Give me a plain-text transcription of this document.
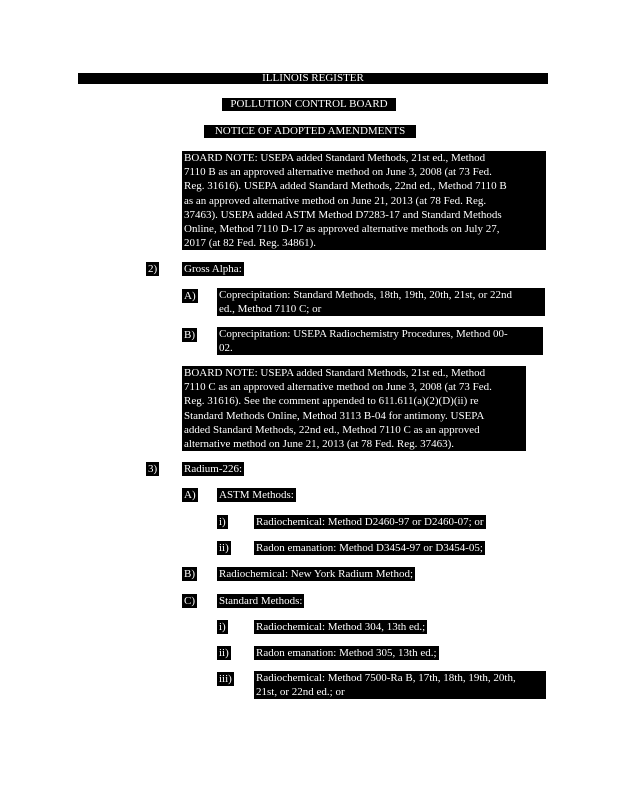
ILLINOIS REGISTER
POLLUTION CONTROL BOARD
NOTICE OF ADOPTED AMENDMENTS
BOARD NOTE: USEPA added Standard Methods, 21st ed., Method
7110 B as an approved alternative method on June 3, 2008 (at 73 Fed.
Reg. 31616). USEPA added Standard Methods, 22nd ed., Method 7110 B
as an approved alternative method on June 21, 2013 (at 78 Fed. Reg.
37463). USEPA added ASTM Method D7283-17 and Standard Methods
Online, Method 7110 D-17 as approved alternative methods on July 27,
2017 (at 82 Fed. Reg. 34861).
2) Gross Alpha:
A) Coprecipitation: Standard Methods, 18th, 19th, 20th, 21st, or 22nd
ed., Method 7110 C; or
B) Coprecipitation: USEPA Radiochemistry Procedures, Method 00-
02.
BOARD NOTE: USEPA added Standard Methods, 21st ed., Method
7110 C as an approved alternative method on June 3, 2008 (at 73 Fed.
Reg. 31616). See the comment appended to 611.611(a)(2)(D)(ii) re
Standard Methods Online, Method 3113 B-04 for antimony. USEPA
added Standard Methods, 22nd ed., Method 7110 C as an approved
alternative method on June 21, 2013 (at 78 Fed. Reg. 37463).
3) Radium-226:
A) ASTM Methods:
i)	Radiochemical: Method D2460-97 or D2460-07; or
ii) Radon emanation: Method D3454-97 or D3454-05;
B) Radiochemical: New York Radium Method;
C) Standard Methods:
i)	Radiochemical: Method 304, 13th ed.;
ii) Radon emanation: Method 305, 13th ed.;
iii) Radiochemical: Method 7500-Ra B, 17th, 18th, 19th, 20th,
21st, or 22nd ed.; or
